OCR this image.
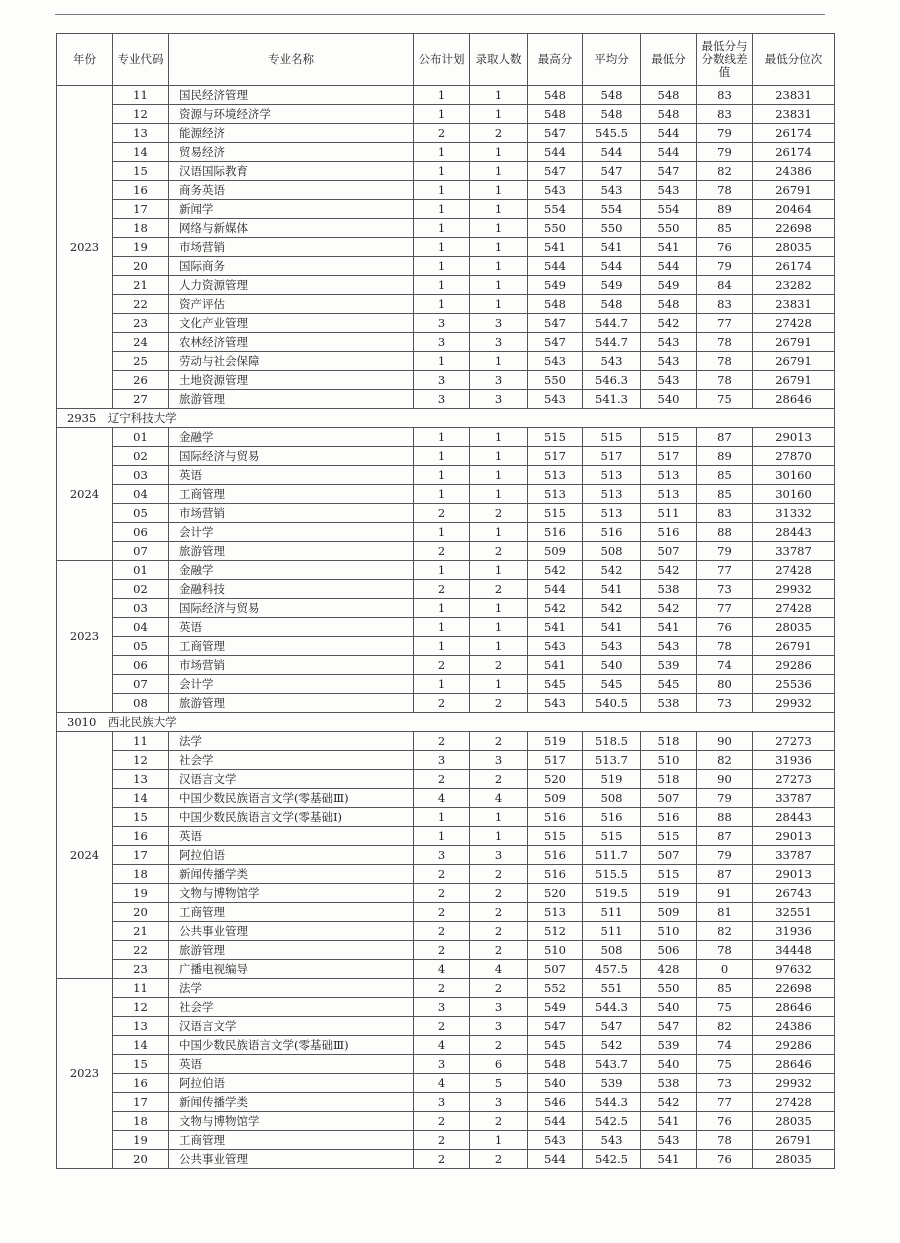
年份	专业代码	专业名称	公布计划	录取人数	最高分	平均分	最低分	最低分与分数线差值	最低分位次
2023	11	国民经济管理	1	1	548	548	548	83	23831
	12	资源与环境经济学	1	1	548	548	548	83	23831
	13	能源经济	2	2	547	545.5	544	79	26174
	14	贸易经济	1	1	544	544	544	79	26174
	15	汉语国际教育	1	1	547	547	547	82	24386
	16	商务英语	1	1	543	543	543	78	26791
	17	新闻学	1	1	554	554	554	89	20464
	18	网络与新媒体	1	1	550	550	550	85	22698
	19	市场营销	1	1	541	541	541	76	28035
	20	国际商务	1	1	544	544	544	79	26174
	21	人力资源管理	1	1	549	549	549	84	23282
	22	资产评估	1	1	548	548	548	83	23831
	23	文化产业管理	3	3	547	544.7	542	77	27428
	24	农林经济管理	3	3	547	544.7	543	78	26791
	25	劳动与社会保障	1	1	543	543	543	78	26791
	26	土地资源管理	3	3	550	546.3	543	78	26791
	27	旅游管理	3	3	543	541.3	540	75	28646
2935　辽宁科技大学									
2024	01	金融学	1	1	515	515	515	87	29013
	02	国际经济与贸易	1	1	517	517	517	89	27870
	03	英语	1	1	513	513	513	85	30160
	04	工商管理	1	1	513	513	513	85	30160
	05	市场营销	2	2	515	513	511	83	31332
	06	会计学	1	1	516	516	516	88	28443
	07	旅游管理	2	2	509	508	507	79	33787
2023	01	金融学	1	1	542	542	542	77	27428
	02	金融科技	2	2	544	541	538	73	29932
	03	国际经济与贸易	1	1	542	542	542	77	27428
	04	英语	1	1	541	541	541	76	28035
	05	工商管理	1	1	543	543	543	78	26791
	06	市场营销	2	2	541	540	539	74	29286
	07	会计学	1	1	545	545	545	80	25536
	08	旅游管理	2	2	543	540.5	538	73	29932
3010　西北民族大学									
2024	11	法学	2	2	519	518.5	518	90	27273
	12	社会学	3	3	517	513.7	510	82	31936
	13	汉语言文学	2	2	520	519	518	90	27273
	14	中国少数民族语言文学(零基础Ⅲ)	4	4	509	508	507	79	33787
	15	中国少数民族语言文学(零基础Ⅰ)	1	1	516	516	516	88	28443
	16	英语	1	1	515	515	515	87	29013
	17	阿拉伯语	3	3	516	511.7	507	79	33787
	18	新闻传播学类	2	2	516	515.5	515	87	29013
	19	文物与博物馆学	2	2	520	519.5	519	91	26743
	20	工商管理	2	2	513	511	509	81	32551
	21	公共事业管理	2	2	512	511	510	82	31936
	22	旅游管理	2	2	510	508	506	78	34448
	23	广播电视编导	4	4	507	457.5	428	0	97632
2023	11	法学	2	2	552	551	550	85	22698
	12	社会学	3	3	549	544.3	540	75	28646
	13	汉语言文学	2	3	547	547	547	82	24386
	14	中国少数民族语言文学(零基础Ⅲ)	4	2	545	542	539	74	29286
	15	英语	3	6	548	543.7	540	75	28646
	16	阿拉伯语	4	5	540	539	538	73	29932
	17	新闻传播学类	3	3	546	544.3	542	77	27428
	18	文物与博物馆学	2	2	544	542.5	541	76	28035
	19	工商管理	2	1	543	543	543	78	26791
	20	公共事业管理	2	2	544	542.5	541	76	28035
